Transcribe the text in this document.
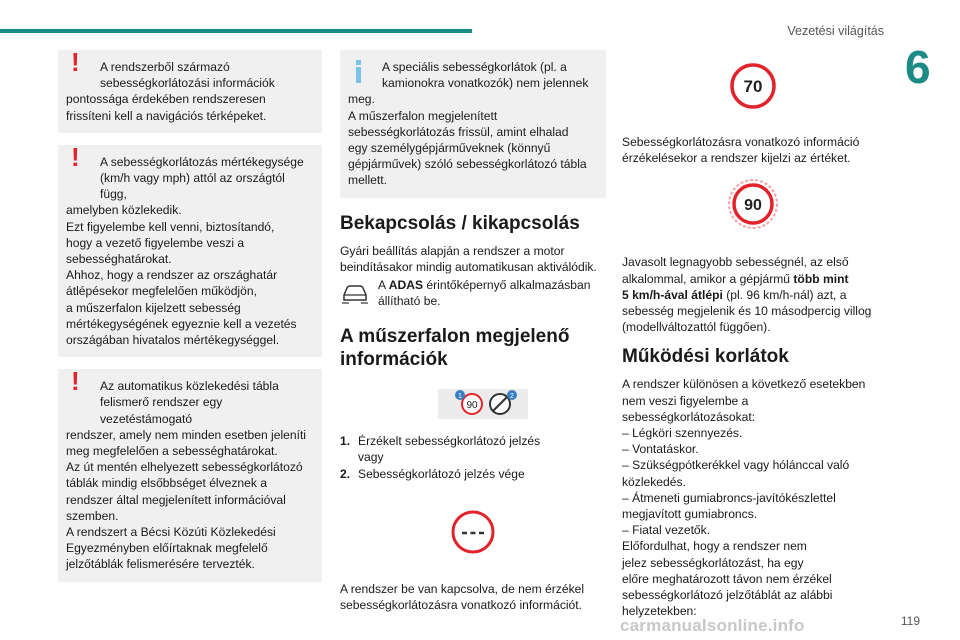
Vezetési világítás
6
!
A rendszerből származó
sebességkorlátozási információk
pontossága érdekében rendszeresen
frissíteni kell a navigációs térképeket.
!
A sebességkorlátozás mértékegysége
(km/h vagy mph) attól az országtól függ,
amelyben közlekedik.
Ezt figyelembe kell venni, biztosítandó,
hogy a vezető figyelembe veszi a
sebességhatárokat.
Ahhoz, hogy a rendszer az országhatár
átlépésekor megfelelően működjön,
a műszerfalon kijelzett sebesség
mértékegységének egyeznie kell a vezetés
országában hivatalos mértékegységgel.
!
Az automatikus közlekedési tábla
felismerő rendszer egy vezetéstámogató
rendszer, amely nem minden esetben jeleníti
meg megfelelően a sebességhatárokat.
Az út mentén elhelyezett sebességkorlátozó
táblák mindig elsőbbséget élveznek a
rendszer által megjelenített információval
szemben.
A rendszert a Bécsi Közúti Közlekedési
Egyezményben előírtaknak megfelelő
jelzőtáblák felismerésére tervezték.
A speciális sebességkorlátok (pl. a
kamionokra vonatkozók) nem jelennek
meg.
A műszerfalon megjelenített
sebességkorlátozás frissül, amint elhalad
egy személygépjárműveknek (könnyű
gépjárművek) szóló sebességkorlátozó tábla
mellett.
Bekapcsolás / kikapcsolás
Gyári beállítás alapján a rendszer a motor
beindításakor mindig automatikusan aktiválódik.
A ADAS érintőképernyő alkalmazásban
állítható be.
A műszerfalon megjelenő
információk
90
1	2
1. Érzékelt sebességkorlátozó jelzés
vagy
2. Sebességkorlátozó jelzés vége
A rendszer be van kapcsolva, de nem érzékel
sebességkorlátozásra vonatkozó információt.
70
Sebességkorlátozásra vonatkozó információ
érzékelésekor a rendszer kijelzi az értéket.
90
Javasolt legnagyobb sebességnél, az első
alkalommal, amikor a gépjármű több mint
5 km/h-ával átlépi (pl. 96 km/h-nál) azt, a
sebesség megjelenik és 10 másodpercig villog
(modellváltozattól függően).
Működési korlátok
A rendszer különösen a következő esetekben
nem veszi figyelembe a sebességkorlátozásokat:
– Légköri szennyezés.
– Vontatáskor.
– Szükségpótkerékkel vagy hólánccal való
közlekedés.
– Átmeneti gumiabroncs-javítókészlettel
megjavított gumiabroncs.
– Fiatal vezetők.
Előfordulhat, hogy a rendszer nem
jelez sebességkorlátozást, ha egy
előre meghatározott távon nem érzékel
sebességkorlátozó jelzőtáblát az alábbi
helyzetekben:
carmanualsonline.info	119
